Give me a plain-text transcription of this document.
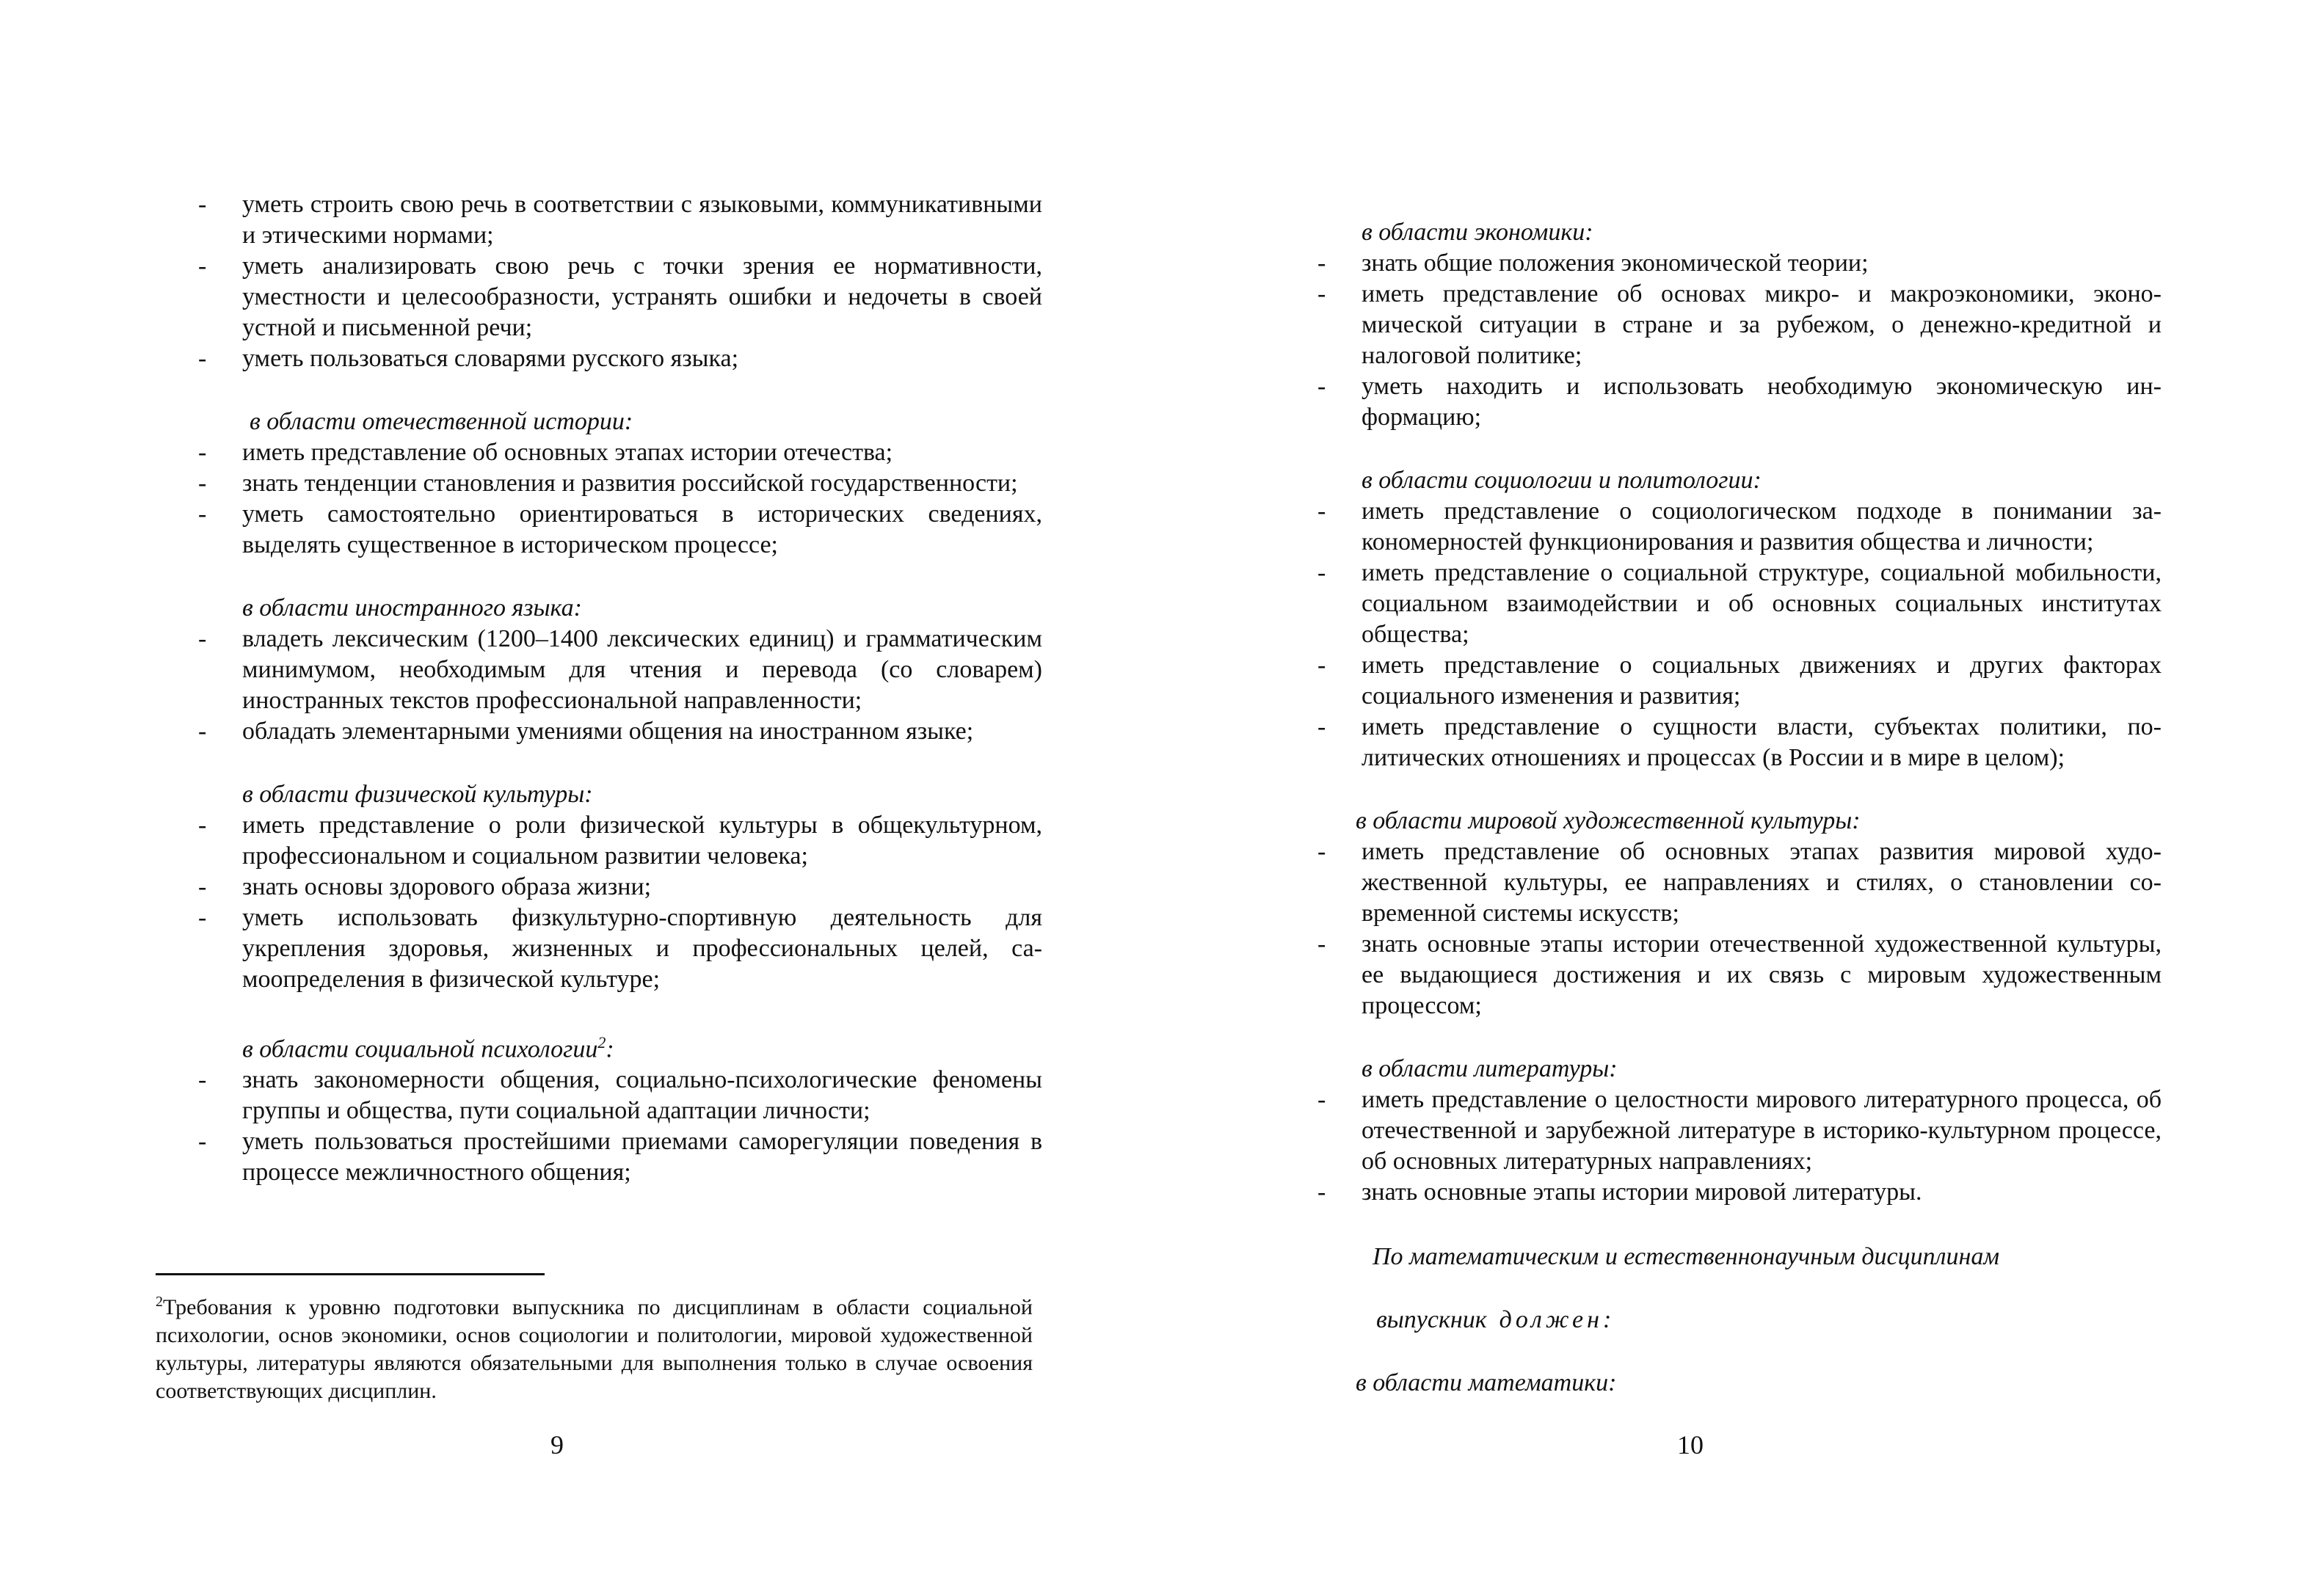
- уметь строить свою речь в соответствии с языковыми, коммуникативными и этическими нормами;
- уметь анализировать свою речь с точки зрения ее нормативности, уместности и целесообразности, устранять ошибки и недочеты в своей устной и письменной речи;
- уметь пользоваться словарями русского языка;
в области отечественной истории:
- иметь представление об основных этапах истории отечества;
- знать тенденции становления и развития российской государственности;
- уметь самостоятельно ориентироваться в исторических сведениях, выделять существенное в историческом процессе;
в области иностранного языка:
- владеть лексическим (1200–1400 лексических единиц) и грамматическим минимумом, необходимым для чтения и перевода (со словарем) иностранных текстов профессиональной направленности;
- обладать элементарными умениями общения на иностранном языке;
в области физической культуры:
- иметь представление о роли физической культуры в общекультурном, профессиональном и социальном развитии человека;
- знать основы здорового образа жизни;
- уметь использовать физкультурно-спортивную деятельность для укрепления здоровья, жизненных и профессиональных целей, самоопределения в физической культуре;
в области социальной психологии$^2$:
- знать закономерности общения, социально-психологические феномены группы и общества, пути социальной адаптации личности;
- уметь пользоваться простейшими приемами саморегуляции поведения в процессе межличностного общения;
$^2$Требования к уровню подготовки выпускника по дисциплинам в области социальной психологии, основ экономики, основ социологии и политологии, мировой художественной культуры, литературы являются обязательными для выполнения только в случае освоения соответствующих дисциплин.
9
в области экономики:
- знать общие положения экономической теории;
- иметь представление об основах микро- и макроэкономики, экономической ситуации в стране и за рубежом, о денежно-кредитной и налоговой политике;
- уметь находить и использовать необходимую экономическую информацию;
в области социологии и политологии:
- иметь представление о социологическом подходе в понимании закономерностей функционирования и развития общества и личности;
- иметь представление о социальной структуре, социальной мобильности, социальном взаимодействии и об основных социальных институтах общества;
- иметь представление о социальных движениях и других факторах социального изменения и развития;
- иметь представление о сущности власти, субъектах политики, политических отношениях и процессах (в России и в мире в целом);
в области мировой художественной культуры:
- иметь представление об основных этапах развития мировой художественной культуры, ее направлениях и стилях, о становлении современной системы искусств;
- знать основные этапы истории отечественной художественной культуры, ее выдающиеся достижения и их связь с мировым художественным процессом;
в области литературы:
- иметь представление о целостности мирового литературного процесса, об отечественной и зарубежной литературе в историко-культурном процессе, об основных литературных направлениях;
- знать основные этапы истории мировой литературы.
По математическим и естественнонаучным дисциплинам
выпускник должен:
в области математики:
10
